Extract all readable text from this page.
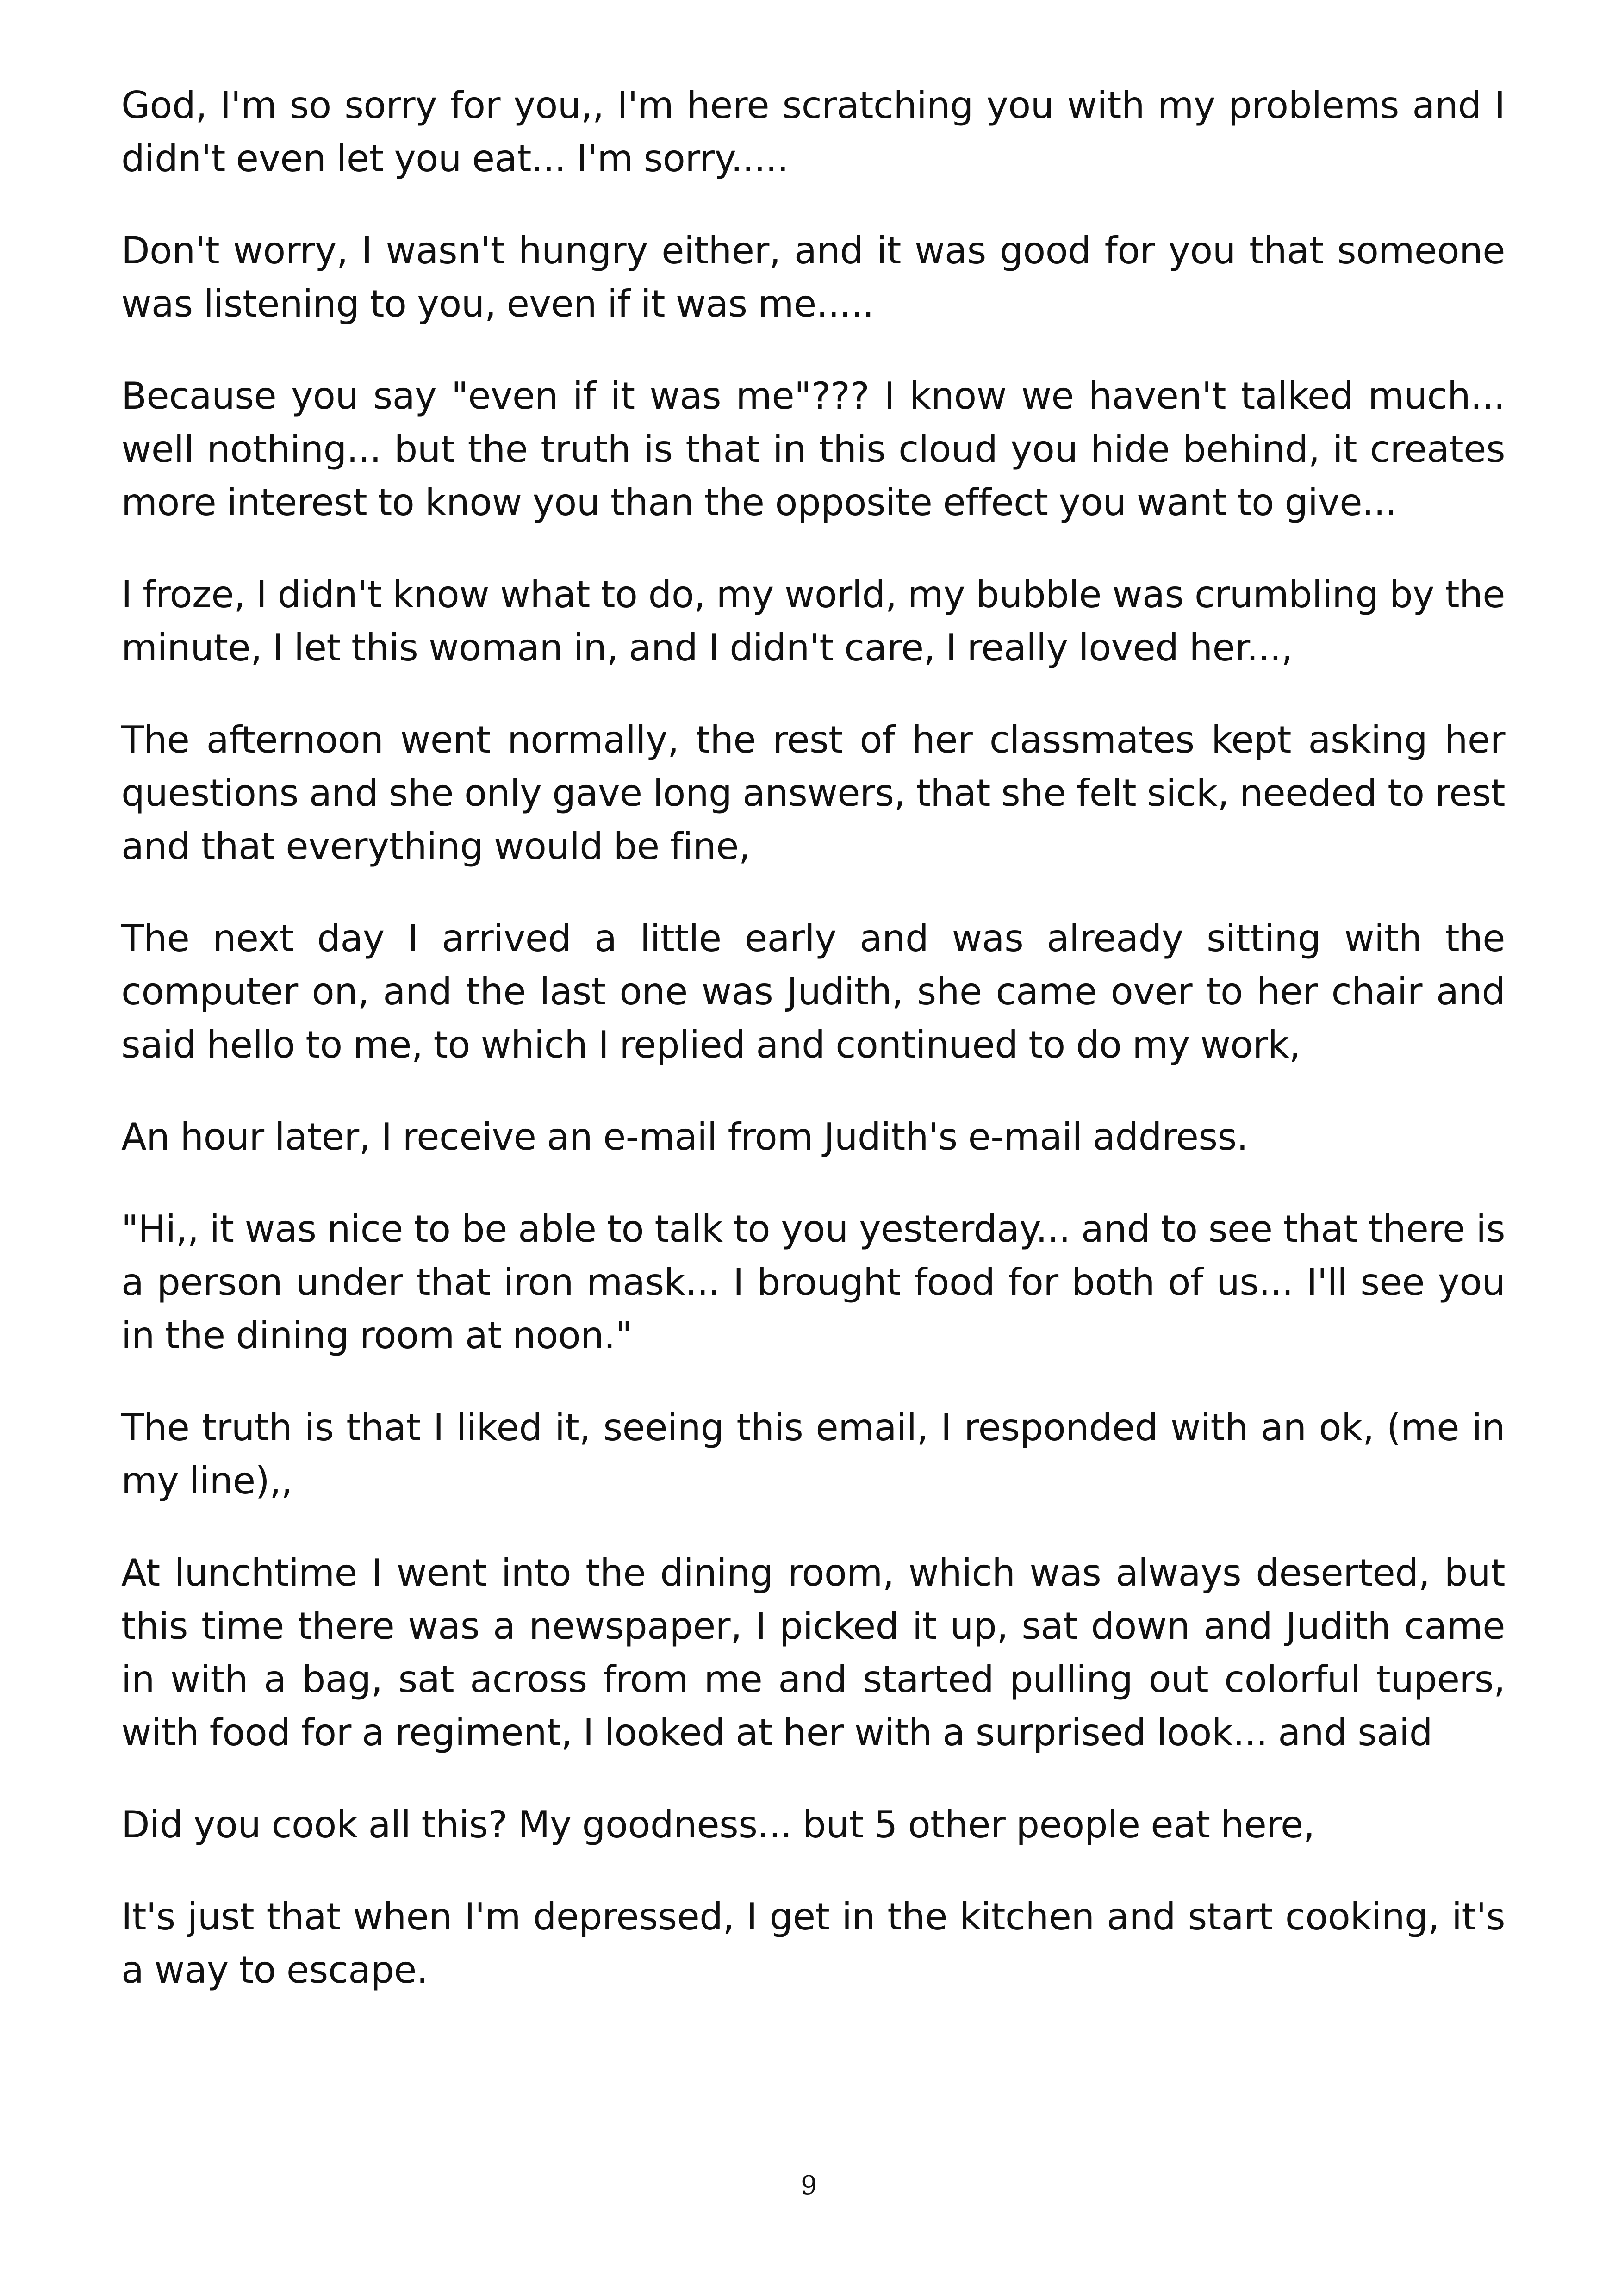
God, I'm so sorry for you,, I'm here scratching you with my problems and I didn't even let you eat... I'm sorry.....

Don't worry, I wasn't hungry either, and it was good for you that someone was listening to you, even if it was me.....

Because you say "even if it was me"??? I know we haven't talked much... well nothing... but the truth is that in this cloud you hide behind, it creates more interest to know you than the opposite effect you want to give...

I froze, I didn't know what to do, my world, my bubble was crumbling by the minute, I let this woman in, and I didn't care, I really loved her...,

The afternoon went normally, the rest of her classmates kept asking her questions and she only gave long answers, that she felt sick, needed to rest and that everything would be fine,

The next day I arrived a little early and was already sitting with the computer on, and the last one was Judith, she came over to her chair and said hello to me, to which I replied and continued to do my work,

An hour later, I receive an e-mail from Judith's e-mail address.

"Hi,, it was nice to be able to talk to you yesterday... and to see that there is a person under that iron mask... I brought food for both of us... I'll see you in the dining room at noon."

The truth is that I liked it, seeing this email, I responded with an ok, (me in my line),,

At lunchtime I went into the dining room, which was always deserted, but this time there was a newspaper, I picked it up, sat down and Judith came in with a bag, sat across from me and started pulling out colorful tupers, with food for a regiment, I looked at her with a surprised look... and said

Did you cook all this? My goodness... but 5 other people eat here,

It's just that when I'm depressed, I get in the kitchen and start cooking, it's a way to escape.

9
